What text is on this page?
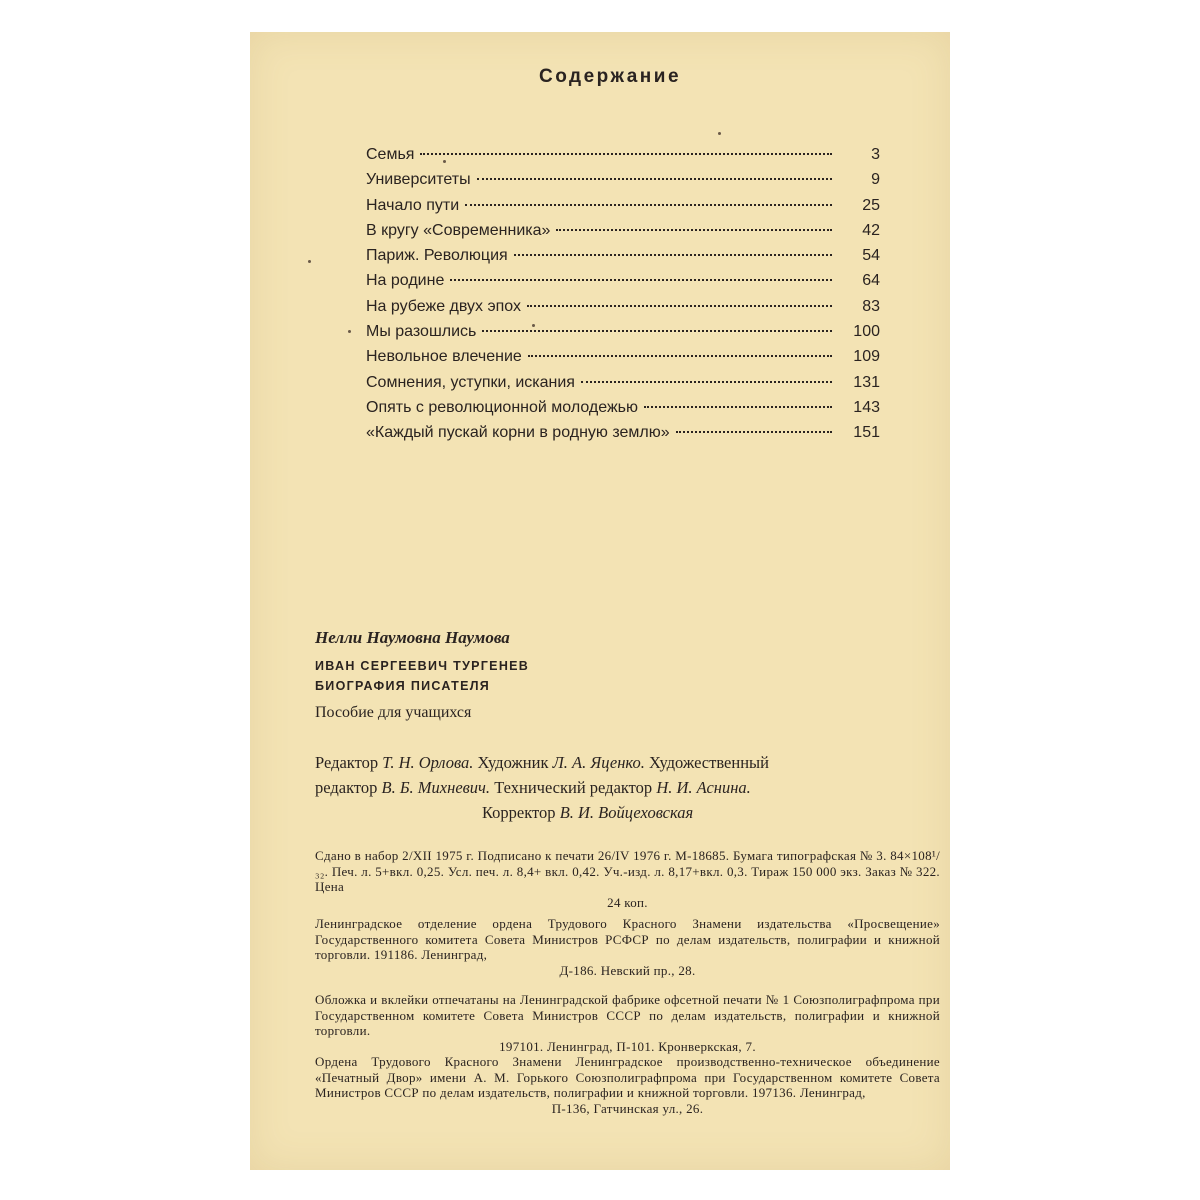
Содержание
Семья	3
Университеты	9
Начало пути	25
В кругу «Современника»	42
Париж. Революция	54
На родине	64
На рубеже двух эпох	83
Мы разошлись	100
Невольное влечение	109
Сомнения, уступки, искания	131
Опять с революционной молодежью	143
«Каждый пускай корни в родную землю»	151
Нелли Наумовна Наумова
ИВАН СЕРГЕЕВИЧ ТУРГЕНЕВ
БИОГРАФИЯ ПИСАТЕЛЯ
Пособие для учащихся
Редактор Т. Н. Орлова. Художник Л. А. Яценко. Художественный
редактор В. Б. Михневич. Технический редактор Н. И. Аснина.
Корректор В. И. Войцеховская
Сдано в набор 2/XII 1975 г. Подписано к печати 26/IV 1976 г. М-18685. Бумага типографская № 3. 84×108¹/₃₂. Печ. л. 5+вкл. 0,25. Усл. печ. л. 8,4+ вкл. 0,42. Уч.-изд. л. 8,17+вкл. 0,3. Тираж 150 000 экз. Заказ № 322. Цена
24 коп.
Ленинградское отделение ордена Трудового Красного Знамени издательства «Просвещение» Государственного комитета Совета Министров РСФСР по делам издательств, полиграфии и книжной торговли. 191186. Ленинград,
Д-186. Невский пр., 28.
Обложка и вклейки отпечатаны на Ленинградской фабрике офсетной печати № 1 Союзполиграфпрома при Государственном комитете Совета Министров СССР по делам издательств, полиграфии и книжной торговли.
197101. Ленинград, П-101. Кронверкская, 7.
Ордена Трудового Красного Знамени Ленинградское производственно-техническое объединение «Печатный Двор» имени А. М. Горького Союзполиграфпрома при Государственном комитете Совета Министров СССР по делам издательств, полиграфии и книжной торговли. 197136. Ленинград,
П-136, Гатчинская ул., 26.
